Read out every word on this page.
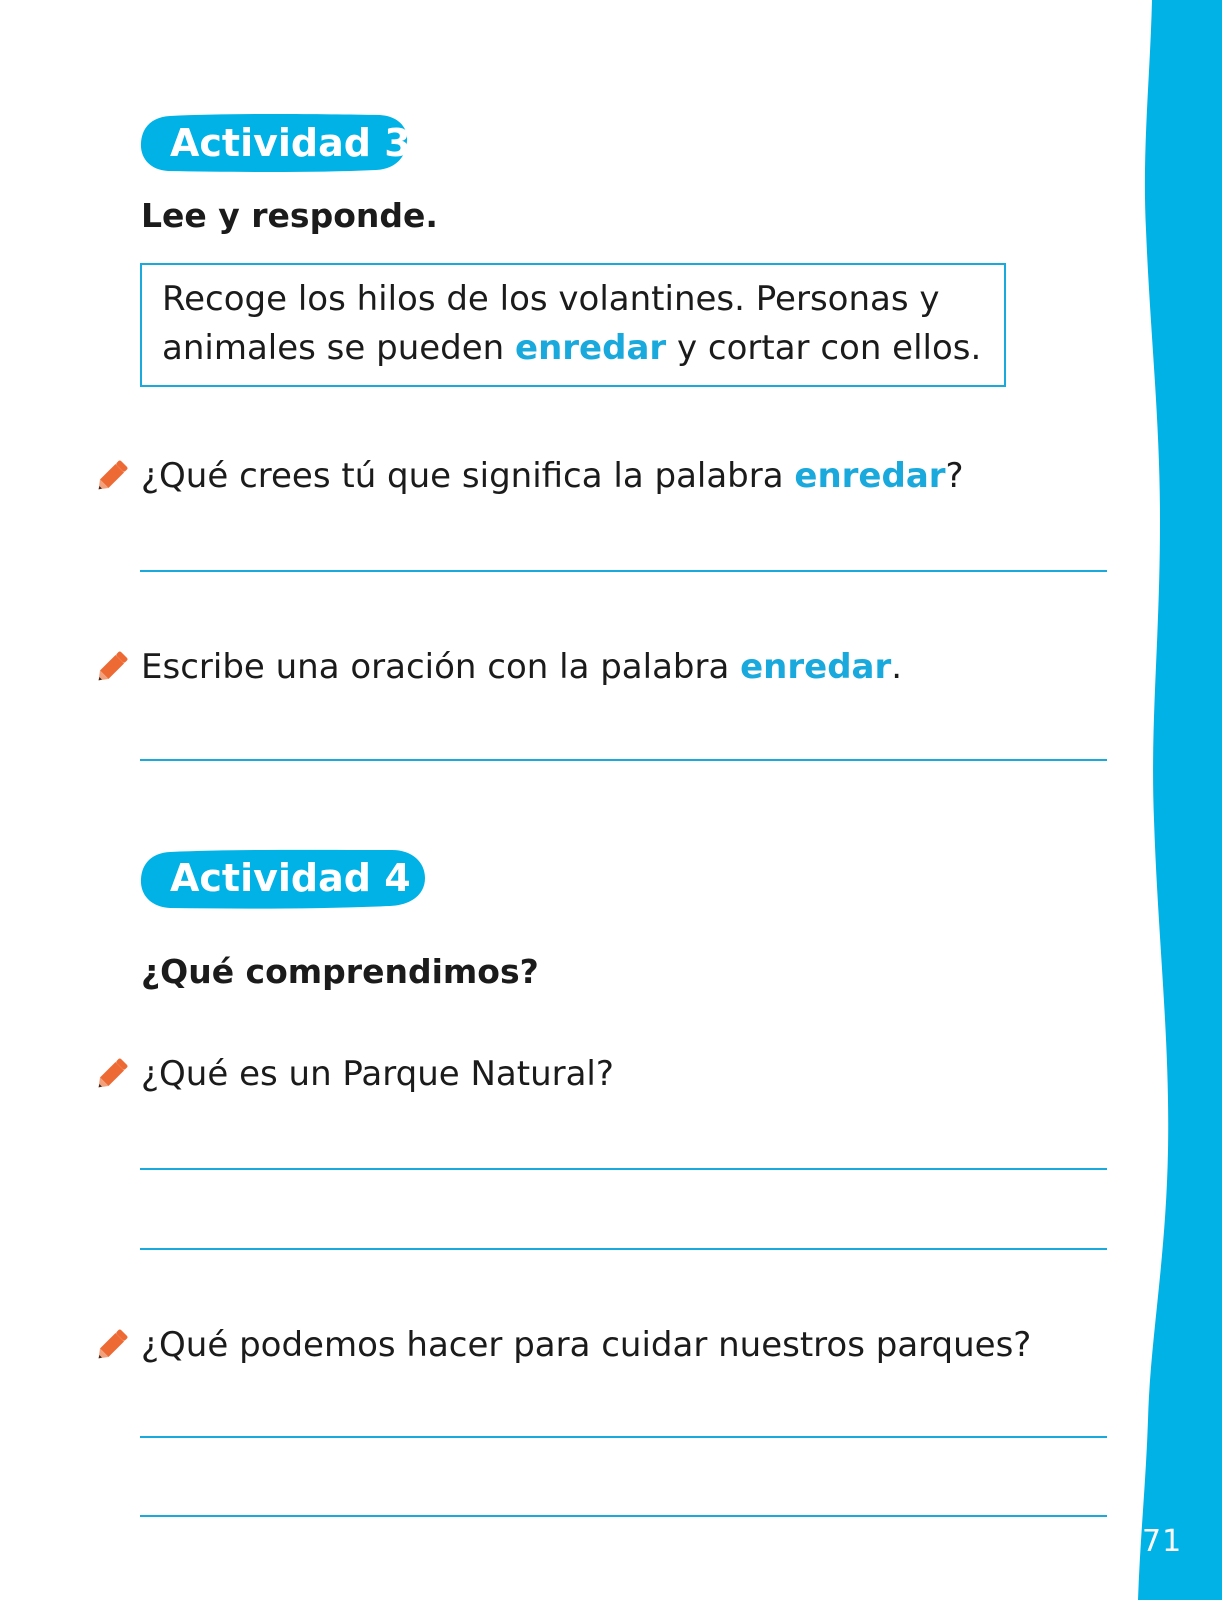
71
Actividad 3
Lee y responde.
Recoge los hilos de los volantines. Personas y animales se pueden enredar y cortar con ellos.
¿Qué crees tú que significa la palabra enredar?
Escribe una oración con la palabra enredar.
Actividad 4
¿Qué comprendimos?
¿Qué es un Parque Natural?
¿Qué podemos hacer para cuidar nuestros parques?
